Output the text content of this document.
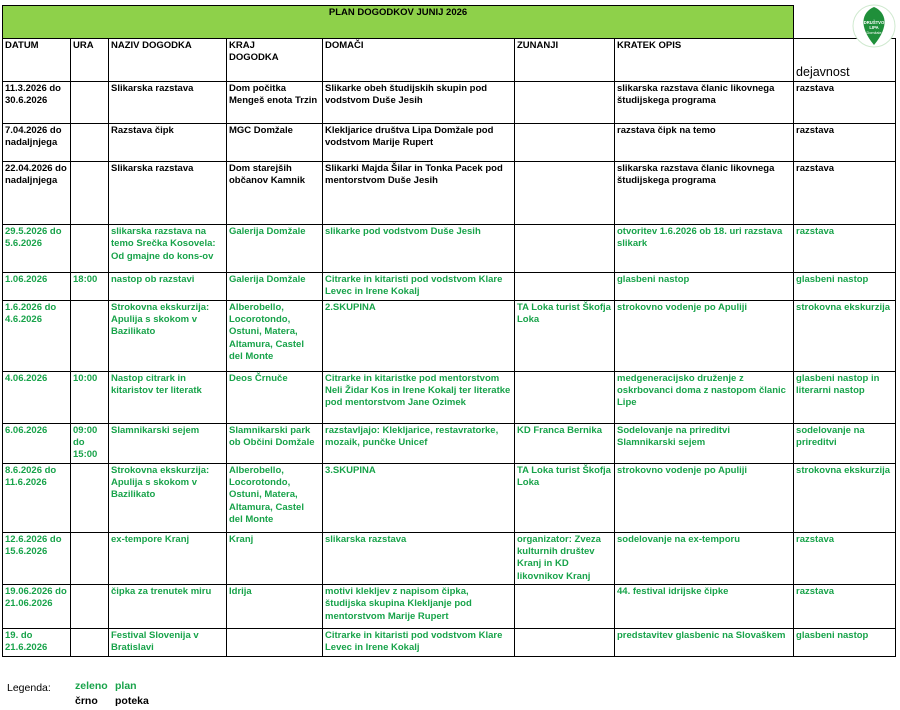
PLAN DOGODKOV JUNIJ 2026							
DATUM	URA	NAZIV DOGODKA	KRAJ
DOGODKA	DOMAČI	ZUNANJI	KRATEK OPIS	dejavnost
11.3.2026 do 30.6.2026		Slikarska razstava	Dom počitka Mengeš enota Trzin	Slikarke obeh študijskih skupin pod vodstvom Duše Jesih		slikarska razstava članic likovnega študijskega programa	razstava
7.04.2026 do nadaljnjega		Razstava čipk	MGC Domžale	Klekljarice društva Lipa Domžale pod vodstvom Marije Rupert		razstava čipk na temo	razstava
22.04.2026 do nadaljnjega		Slikarska razstava	Dom starejših občanov Kamnik	Slikarki Majda Šilar in Tonka Pacek pod mentorstvom Duše Jesih		slikarska razstava članic likovnega študijskega programa	razstava
29.5.2026 do 5.6.2026		slikarska razstava na temo Srečka Kosovela: Od gmajne do kons-ov	Galerija Domžale	slikarke pod vodstvom Duše Jesih		otvoritev 1.6.2026 ob 18. uri razstava slikark	razstava
1.06.2026	18:00	nastop ob razstavi	Galerija Domžale	Citrarke in kitaristi pod vodstvom Klare Levec in Irene Kokalj		glasbeni nastop	glasbeni nastop
1.6.2026 do 4.6.2026		Strokovna ekskurzija: Apulija s skokom v Bazilikato	Alberobello, Locorotondo, Ostuni, Matera, Altamura, Castel del Monte	2.SKUPINA	TA Loka turist Škofja Loka	strokovno vodenje po Apuliji	strokovna ekskurzija
4.06.2026	10:00	Nastop citrark in kitaristov ter literatk	Deos Črnuče	Citrarke in kitaristke pod mentorstvom Neli Židar Kos in Irene Kokalj ter literatke pod mentorstvom Jane Ozimek		medgeneracijsko druženje z oskrbovanci doma z nastopom članic Lipe	glasbeni nastop in literarni nastop
6.06.2026	09:00 do 15:00	Slamnikarski sejem	Slamnikarski park ob Občini Domžale	razstavljajo: Klekljarice, restavratorke, mozaik, punčke Unicef	KD Franca Bernika	Sodelovanje na prireditvi Slamnikarski sejem	sodelovanje na prireditvi
8.6.2026 do 11.6.2026		Strokovna ekskurzija: Apulija s skokom v Bazilikato	Alberobello, Locorotondo, Ostuni, Matera, Altamura, Castel del Monte	3.SKUPINA	TA Loka turist Škofja Loka	strokovno vodenje po Apuliji	strokovna ekskurzija
12.6.2026 do 15.6.2026		ex-tempore Kranj	Kranj	slikarska razstava	organizator: Zveza kulturnih društev Kranj in KD likovnikov Kranj	sodelovanje na ex-temporu	razstava
19.06.2026 do 21.06.2026		čipka za trenutek miru	Idrija	motivi klekljev z napisom čipka, študijska skupina Klekljanje pod mentorstvom Marije Rupert		44. festival idrijske čipke	razstava
19. do 21.6.2026		Festival Slovenija v Bratislavi		Citrarke in kitaristi pod vodstvom Klare Levec in Irene Kokalj		predstavitev glasbenic na Slovaškem	glasbeni nastop
DRUŠTVO
LIPA
Domžale
Legenda: zeleno plan
črno poteka
